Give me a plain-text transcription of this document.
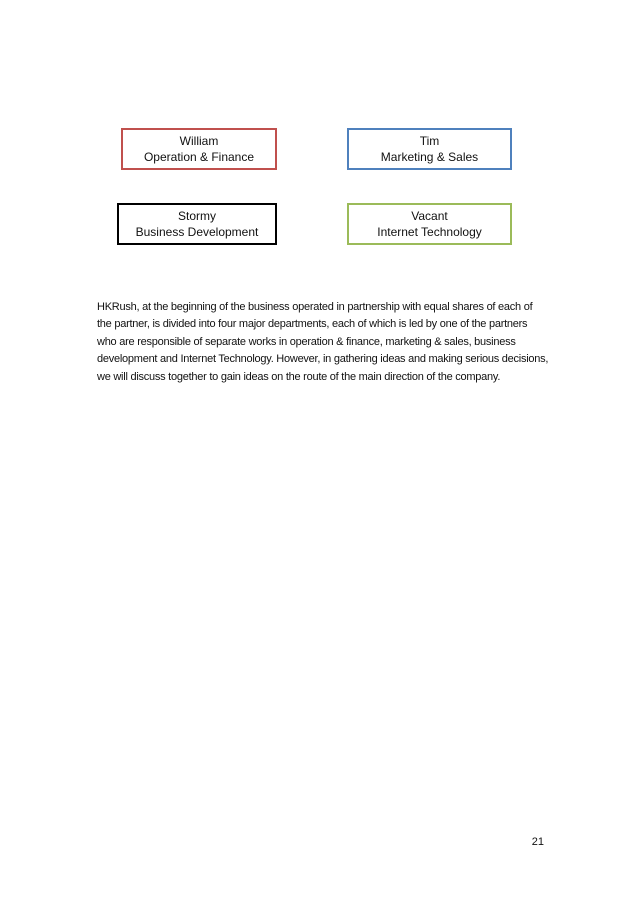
William
Operation & Finance
Tim
Marketing & Sales
Stormy
Business Development
Vacant
Internet Technology

HKRush, at the beginning of the business operated in partnership with equal shares of each of the partner, is divided into four major departments, each of which is led by one of the partners who are responsible of separate works in operation & finance, marketing & sales, business development and Internet Technology. However, in gathering ideas and making serious decisions, we will discuss together to gain ideas on the route of the main direction of the company.

21
